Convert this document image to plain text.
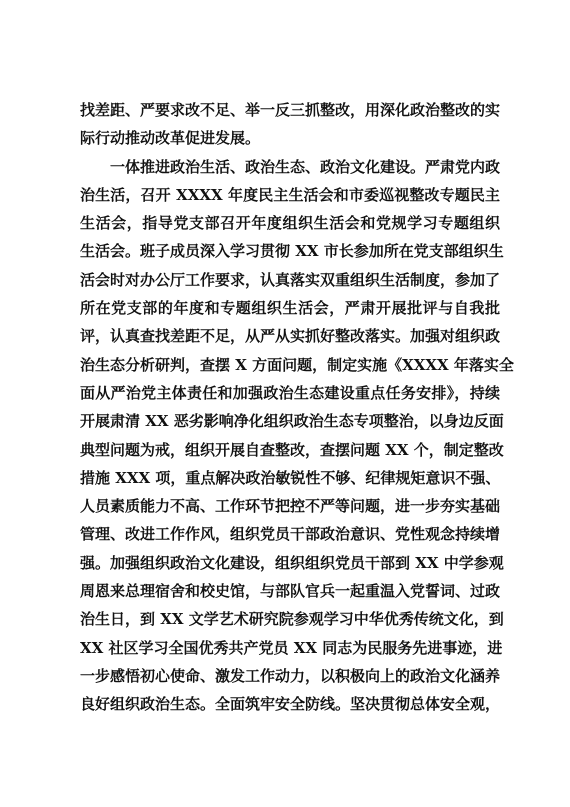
找差距、严要求改不足、举一反三抓整改，用深化政治整改的实
际行动推动改革促进发展。
一体推进政治生活、政治生态、政治文化建设。严肃党内政
治生活，召开 XXXX 年度民主生活会和市委巡视整改专题民主
生活会，指导党支部召开年度组织生活会和党规学习专题组织
生活会。班子成员深入学习贯彻 XX 市长参加所在党支部组织生
活会时对办公厅工作要求，认真落实双重组织生活制度，参加了
所在党支部的年度和专题组织生活会，严肃开展批评与自我批
评，认真查找差距不足，从严从实抓好整改落实。加强对组织政
治生态分析研判，查摆 X 方面问题，制定实施《XXXX 年落实全
面从严治党主体责任和加强政治生态建设重点任务安排》，持续
开展肃清 XX 恶劣影响净化组织政治生态专项整治，以身边反面
典型问题为戒，组织开展自查整改，查摆问题 XX 个，制定整改
措施 XXX 项，重点解决政治敏锐性不够、纪律规矩意识不强、
人员素质能力不高、工作环节把控不严等问题，进一步夯实基础
管理、改进工作作风，组织党员干部政治意识、党性观念持续增
强。加强组织政治文化建设，组织组织党员干部到 XX 中学参观
周恩来总理宿舍和校史馆，与部队官兵一起重温入党誓词、过政
治生日，到 XX 文学艺术研究院参观学习中华优秀传统文化，到
XX 社区学习全国优秀共产党员 XX 同志为民服务先进事迹，进
一步感悟初心使命、激发工作动力，以积极向上的政治文化涵养
良好组织政治生态。全面筑牢安全防线。坚决贯彻总体安全观，
